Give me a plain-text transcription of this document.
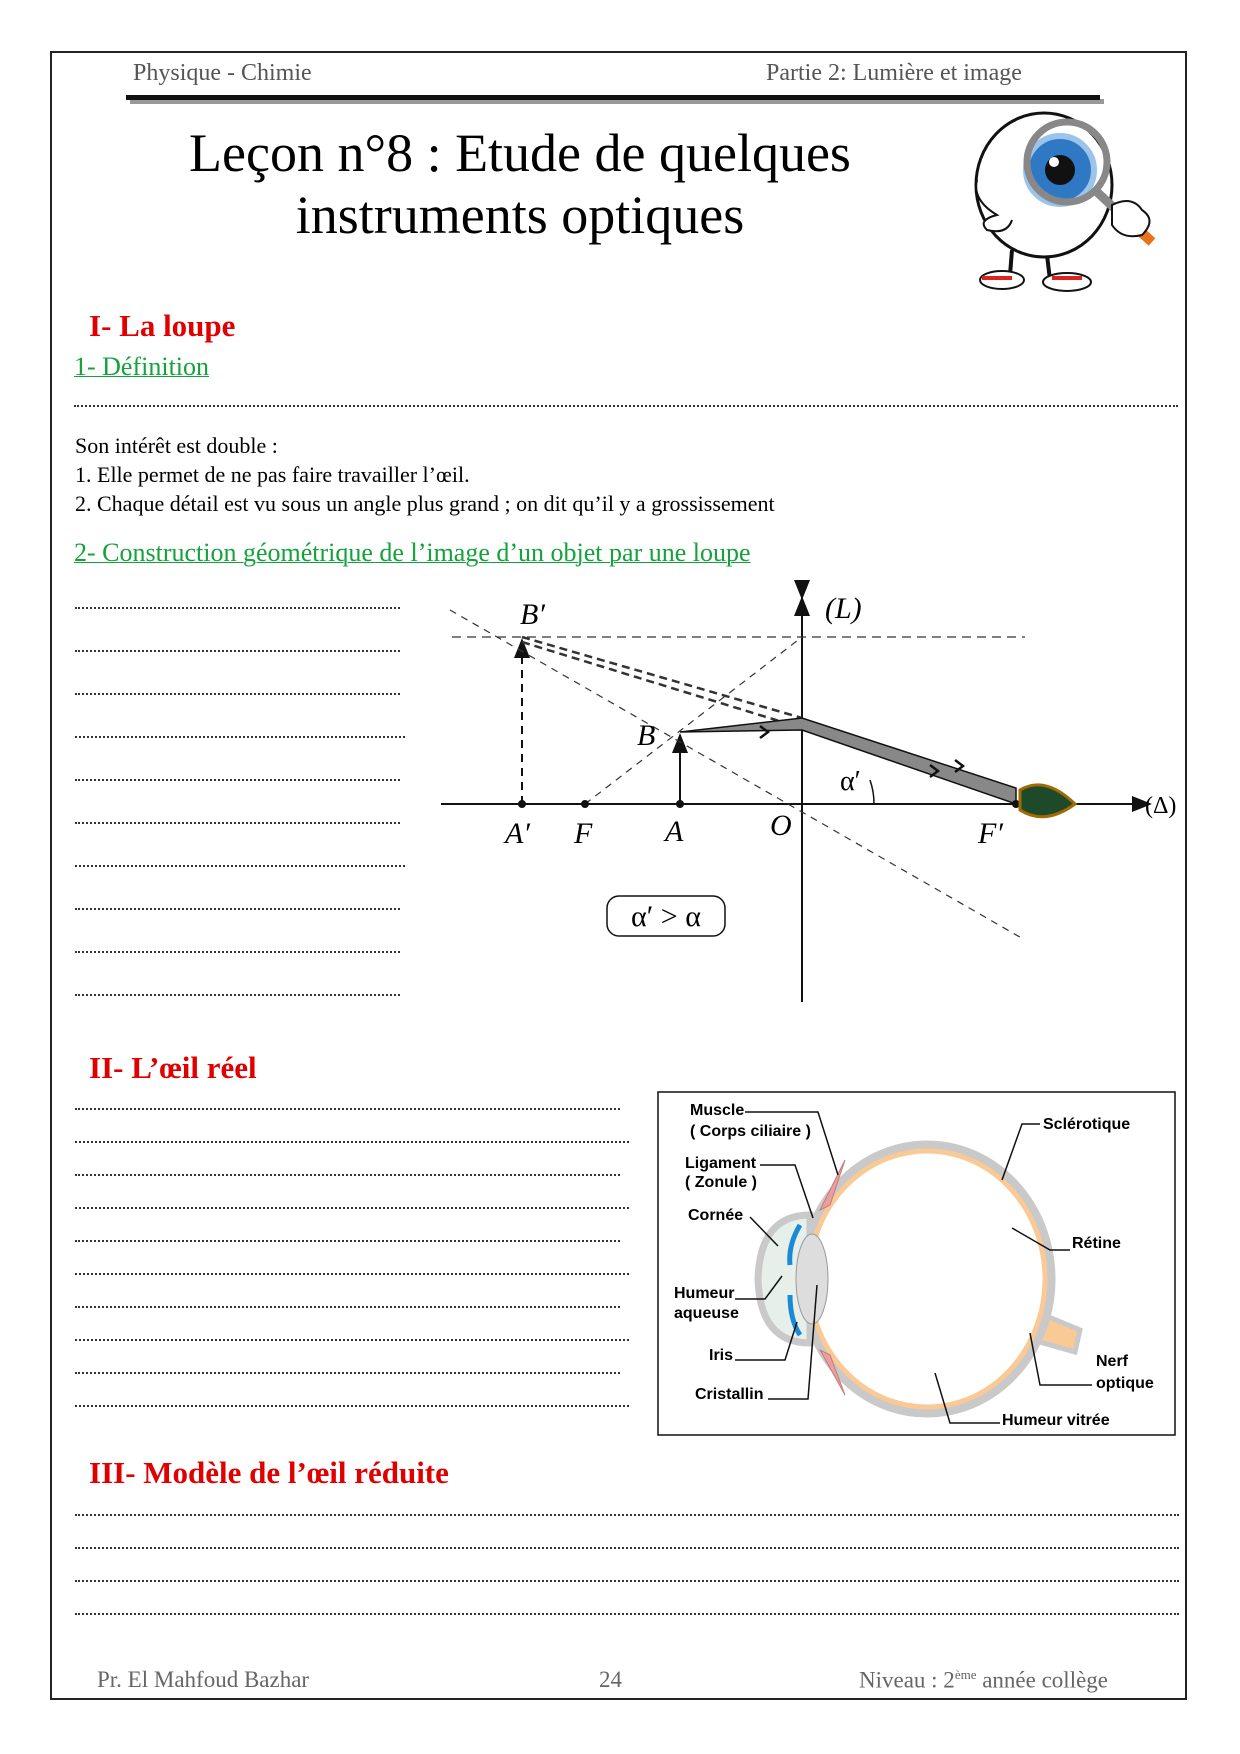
Physique - Chimie	Partie 2: Lumière et image
Leçon n°8 : Etude de quelques
instruments optiques
I- La loupe
1- Définition
Son intérêt est double :
1. Elle permet de ne pas faire travailler l’œil.
2. Chaque détail est vu sous un angle plus grand ; on dit qu’il y a grossissement
2- Construction géométrique de l’image d’un objet par une loupe
(L)
(Δ)
A′ F A	O	F′
B
B′
α′
α′ > α
II- L’œil réel
Muscle
( Corps ciliaire )
Ligament
( Zonule )
Cornée
Humeur
aqueuse
Iris
Cristallin
Sclérotique
Rétine
Nerf
optique
Humeur vitrée
III- Modèle de l’œil réduite
Pr. El Mahfoud Bazhar	24	Niveau : 2ème année collège
